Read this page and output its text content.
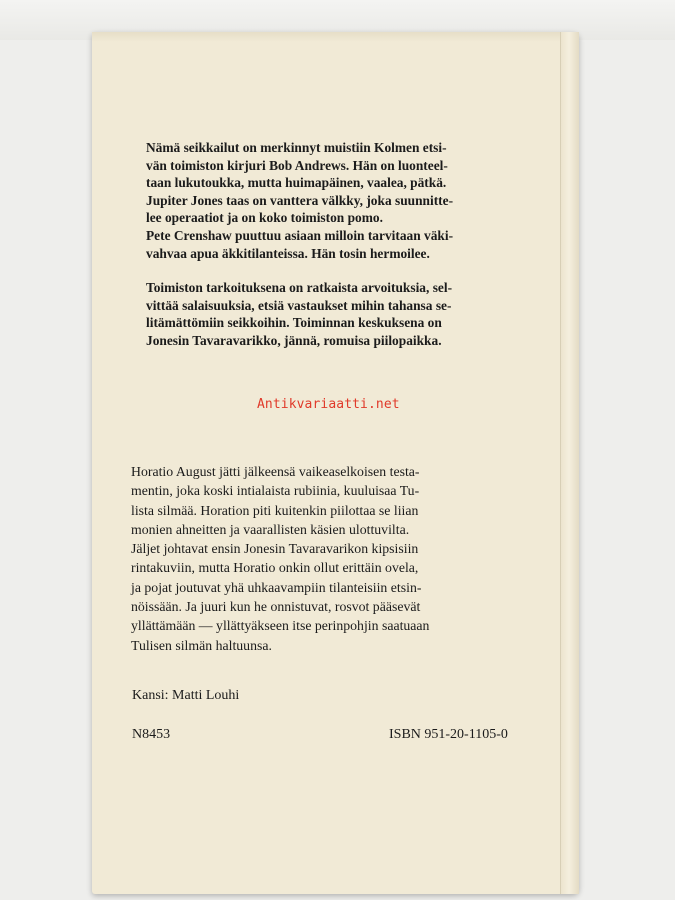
Nämä seikkailut on merkinnyt muistiin Kolmen etsi-
vän toimiston kirjuri Bob Andrews. Hän on luonteel-
taan lukutoukka, mutta huimapäinen, vaalea, pätkä.
Jupiter Jones taas on vanttera välkky, joka suunnitte-
lee operaatiot ja on koko toimiston pomo.
Pete Crenshaw puuttuu asiaan milloin tarvitaan väki-
vahvaa apua äkkitilanteissa. Hän tosin hermoilee.
Toimiston tarkoituksena on ratkaista arvoituksia, sel-
vittää salaisuuksia, etsiä vastaukset mihin tahansa se-
litämättömiin seikkoihin. Toiminnan keskuksena on
Jonesin Tavaravarikko, jännä, romuisa piilopaikka.
Antikvariaatti.net
Horatio August jätti jälkeensä vaikeaselkoisen testa-
mentin, joka koski intialaista rubiinia, kuuluisaa Tu-
lista silmää. Horation piti kuitenkin piilottaa se liian
monien ahneitten ja vaarallisten käsien ulottuvilta.
Jäljet johtavat ensin Jonesin Tavaravarikon kipsisiin
rintakuviin, mutta Horatio onkin ollut erittäin ovela,
ja pojat joutuvat yhä uhkaavampiin tilanteisiin etsin-
nöissään. Ja juuri kun he onnistuvat, rosvot pääsevät
yllättämään — yllättyäkseen itse perinpohjin saatuaan
Tulisen silmän haltuunsa.
Kansi: Matti Louhi
N8453	ISBN 951-20-1105-0
